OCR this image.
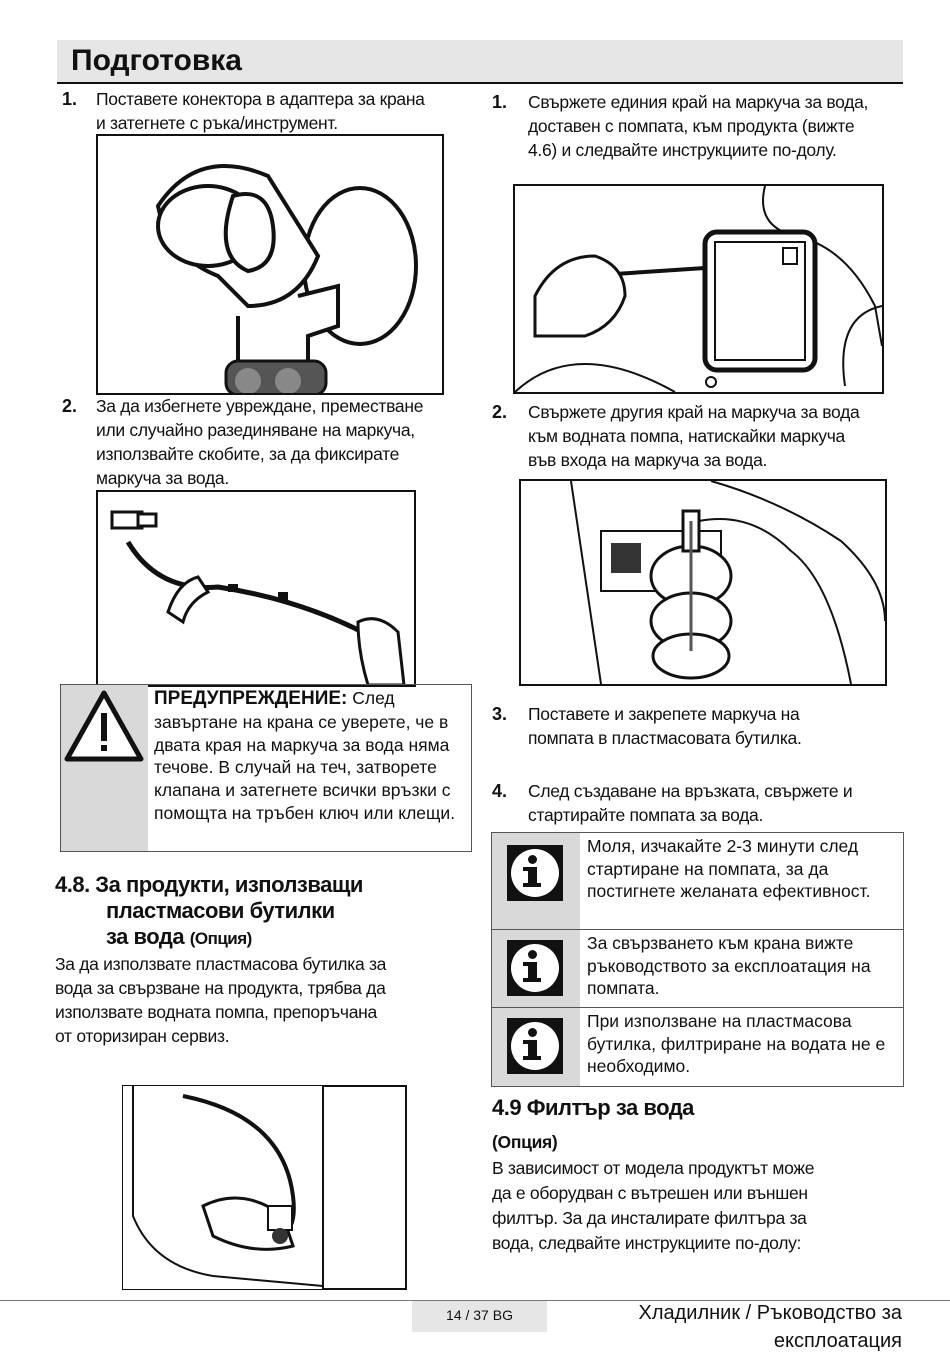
Подготовка
1. Поставете конектора в адаптера за крана и затегнете с ръка/инструмент.
2. За да избегнете увреждане, преместване или случайно разединяване на маркуча, използвайте скобите, за да фиксирате маркуча за вода.
ПРЕДУПРЕЖДЕНИЕ: След завъртане на крана се уверете, че в двата края на маркуча за вода няма течове. В случай на теч, затворете клапана и затегнете всички връзки с помощта на тръбен ключ или клещи.
4.8. За продукти, използващи
пластмасови бутилки
за вода (Опция)
За да използвате пластмасова бутилка за вода за свързване на продукта, трябва да използвате водната помпа, препоръчана от оторизиран сервиз.
1. Свържете единия край на маркуча за вода, доставен с помпата, към продукта (вижте 4.6) и следвайте инструкциите по-долу.
2. Свържете другия край на маркуча за вода към водната помпа, натискайки маркуча във входа на маркуча за вода.
3. Поставете и закрепете маркуча на помпата в пластмасовата бутилка.
4. След създаване на връзката, свържете и стартирайте помпата за вода.
Моля, изчакайте 2-3 минути след стартиране на помпата, за да постигнете желаната ефективност.
За свързването към крана вижте ръководството за експлоатация на помпата.
При използване на пластмасова бутилка, филтриране на водата не е необходимо.
4.9 Филтър за вода
(Опция)
В зависимост от модела продуктът може да е оборудван с вътрешен или външен филтър. За да инсталирате филтъра за вода, следвайте инструкциите по-долу:
14 / 37 BG	Хладилник / Ръководство за експлоатация
